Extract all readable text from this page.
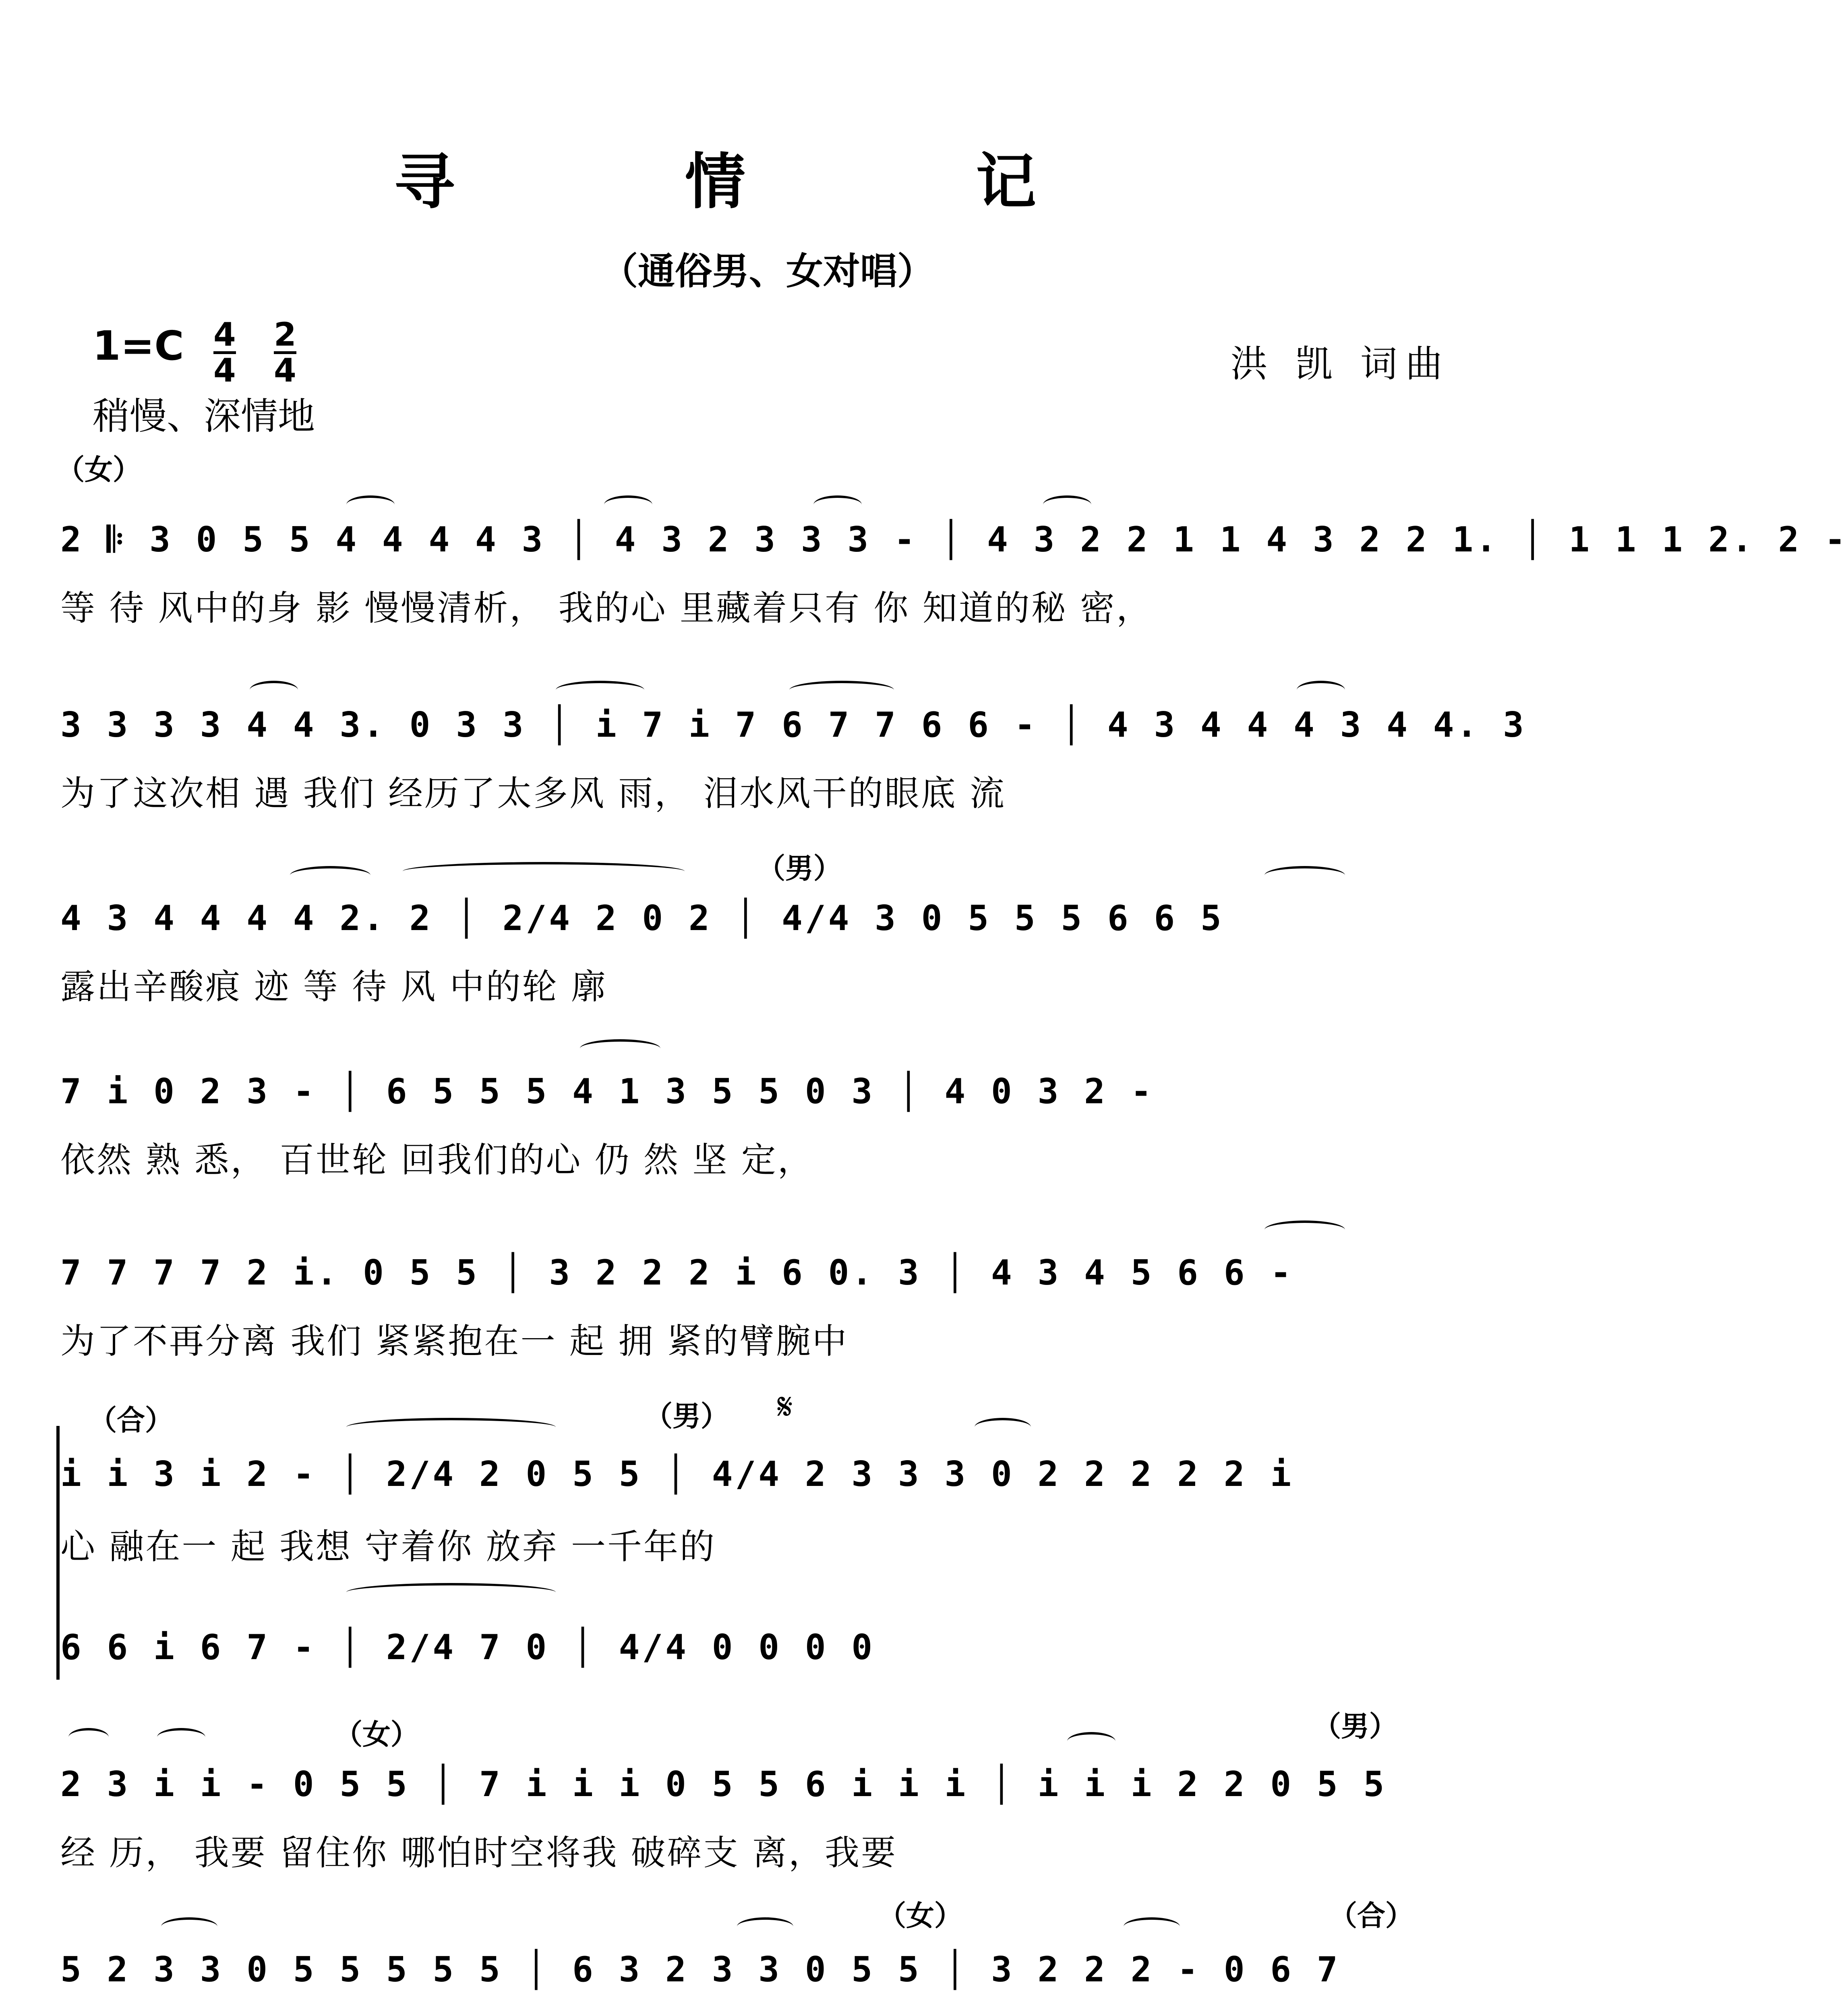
寻 情 记
（通俗男、女对唱）
1=C 4
4
2
4
稍慢、深情地
洪 凯 词曲
（女）
2 𝄆 3 0 5 5 4 4 4 4 3 │ 4 3 2 3 3 3 - │ 4 3 2 2 1 1 4 3 2 2 1. │ 1 1 1 2. 2 -
等 待 风中的身 影 慢慢清析， 我的心 里藏着只有 你 知道的秘 密，
3 3 3 3 4 4 3. 0 3 3 │ i 7 i 7 6 7 7 6 6 - │ 4 3 4 4 4 3 4 4. 3
为了这次相 遇 我们 经历了太多风 雨， 泪水风干的眼底 流
（男）
4 3 4 4 4 4 2. 2 │ 2/4 2 0 2 │ 4/4 3 0 5 5 5 6 6 5
露出辛酸痕 迹 等 待 风 中的轮 廓
7 i 0 2 3 - │ 6 5 5 5 4 1 3 5 5 0 3 │ 4 0 3 2 -
依然 熟 悉， 百世轮 回我们的心 仍 然 坚 定，
7 7 7 7 2 i. 0 5 5 │ 3 2 2 2 i 6 0. 3 │ 4 3 4 5 6 6 -
为了不再分离 我们 紧紧抱在一 起 拥 紧的臂腕中
（合）	（男） 𝄋
i i 3 i 2 - │ 2/4 2 0 5 5 │ 4/4 2 3 3 3 0 2 2 2 2 2 i
心 融在一 起 我想 守着你 放弃 一千年的
6 6 i 6 7 - │ 2/4 7 0 │ 4/4 0 0 0 0
（女）	（男）
2 3 i i - 0 5 5 │ 7 i i i 0 5 5 6 i i i │ i i i 2 2 0 5 5
经 历， 我要 留住你 哪怕时空将我 破碎支 离，我要
（女）	（合）
5 2 3 3 0 5 5 5 5 5 │ 6 3 2 3 3 0 5 5 │ 3 2 2 2 - 0 6 7
